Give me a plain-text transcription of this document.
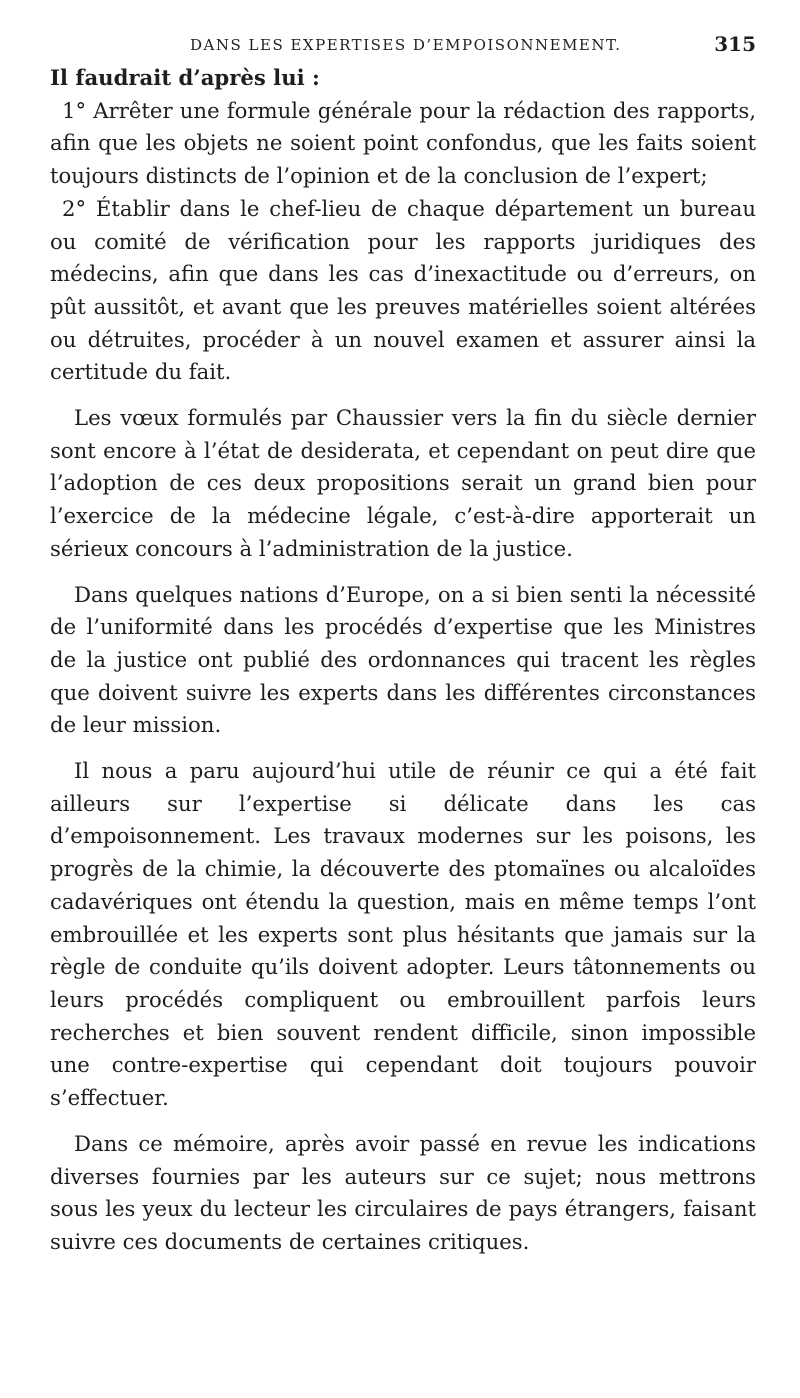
DANS LES EXPERTISES D’EMPOISONNEMENT.	315

Il faudrait d’après lui :

1° Arrêter une formule générale pour la rédaction des rapports, afin que les objets ne soient point confondus, que les faits soient toujours distincts de l’opinion et de la conclusion de l’expert;

2° Établir dans le chef-lieu de chaque département un bureau ou comité de vérification pour les rapports juridiques des médecins, afin que dans les cas d’inexactitude ou d’erreurs, on pût aussitôt, et avant que les preuves matérielles soient altérées ou détruites, procéder à un nouvel examen et assurer ainsi la certitude du fait.

Les vœux formulés par Chaussier vers la fin du siècle dernier sont encore à l’état de desiderata, et cependant on peut dire que l’adoption de ces deux propositions serait un grand bien pour l’exercice de la médecine légale, c’est-à-dire apporterait un sérieux concours à l’administration de la justice.

Dans quelques nations d’Europe, on a si bien senti la nécessité de l’uniformité dans les procédés d’expertise que les Ministres de la justice ont publié des ordonnances qui tracent les règles que doivent suivre les experts dans les différentes circonstances de leur mission.

Il nous a paru aujourd’hui utile de réunir ce qui a été fait ailleurs sur l’expertise si délicate dans les cas d’empoisonnement. Les travaux modernes sur les poisons, les progrès de la chimie, la découverte des ptomaïnes ou alcaloïdes cadavériques ont étendu la question, mais en même temps l’ont embrouillée et les experts sont plus hésitants que jamais sur la règle de conduite qu’ils doivent adopter. Leurs tâtonnements ou leurs procédés compliquent ou embrouillent parfois leurs recherches et bien souvent rendent difficile, sinon impossible une contre-expertise qui cependant doit toujours pouvoir s’effectuer.

Dans ce mémoire, après avoir passé en revue les indications diverses fournies par les auteurs sur ce sujet; nous mettrons sous les yeux du lecteur les circulaires de pays étrangers, faisant suivre ces documents de certaines critiques.
